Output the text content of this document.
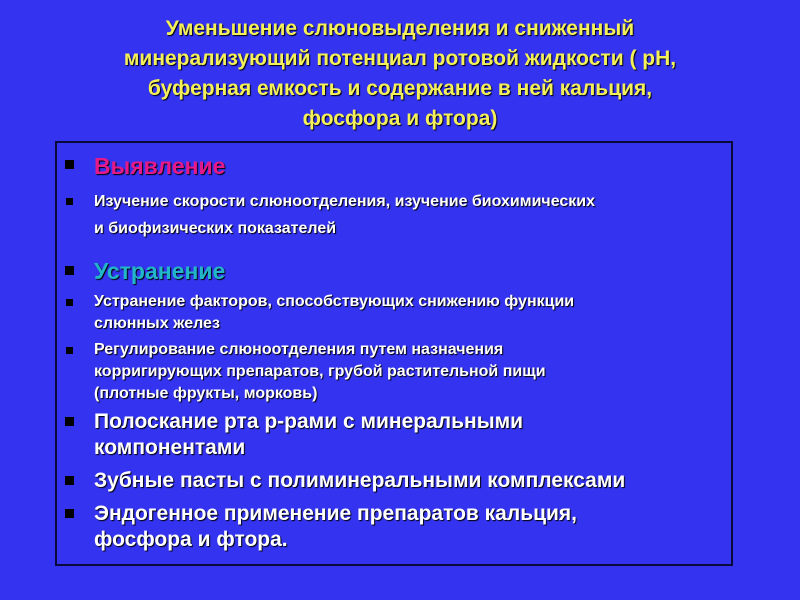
Уменьшение слюновыделения и сниженный
минерализующий потенциал ротовой жидкости ( рН,
буферная емкость и содержание в ней кальция,
фосфора и фтора)
Выявление
Изучение скорости слюноотделения, изучение биохимических
и биофизических показателей
Устранение
Устранение факторов, способствующих снижению функции
слюнных желез
Регулирование слюноотделения путем назначения
корригирующих препаратов, грубой растительной пищи
(плотные фрукты, морковь)
Полоскание рта р-рами с минеральными
компонентами
Зубные пасты с полиминеральными комплексами
Эндогенное применение препаратов кальция,
фосфора и фтора.
